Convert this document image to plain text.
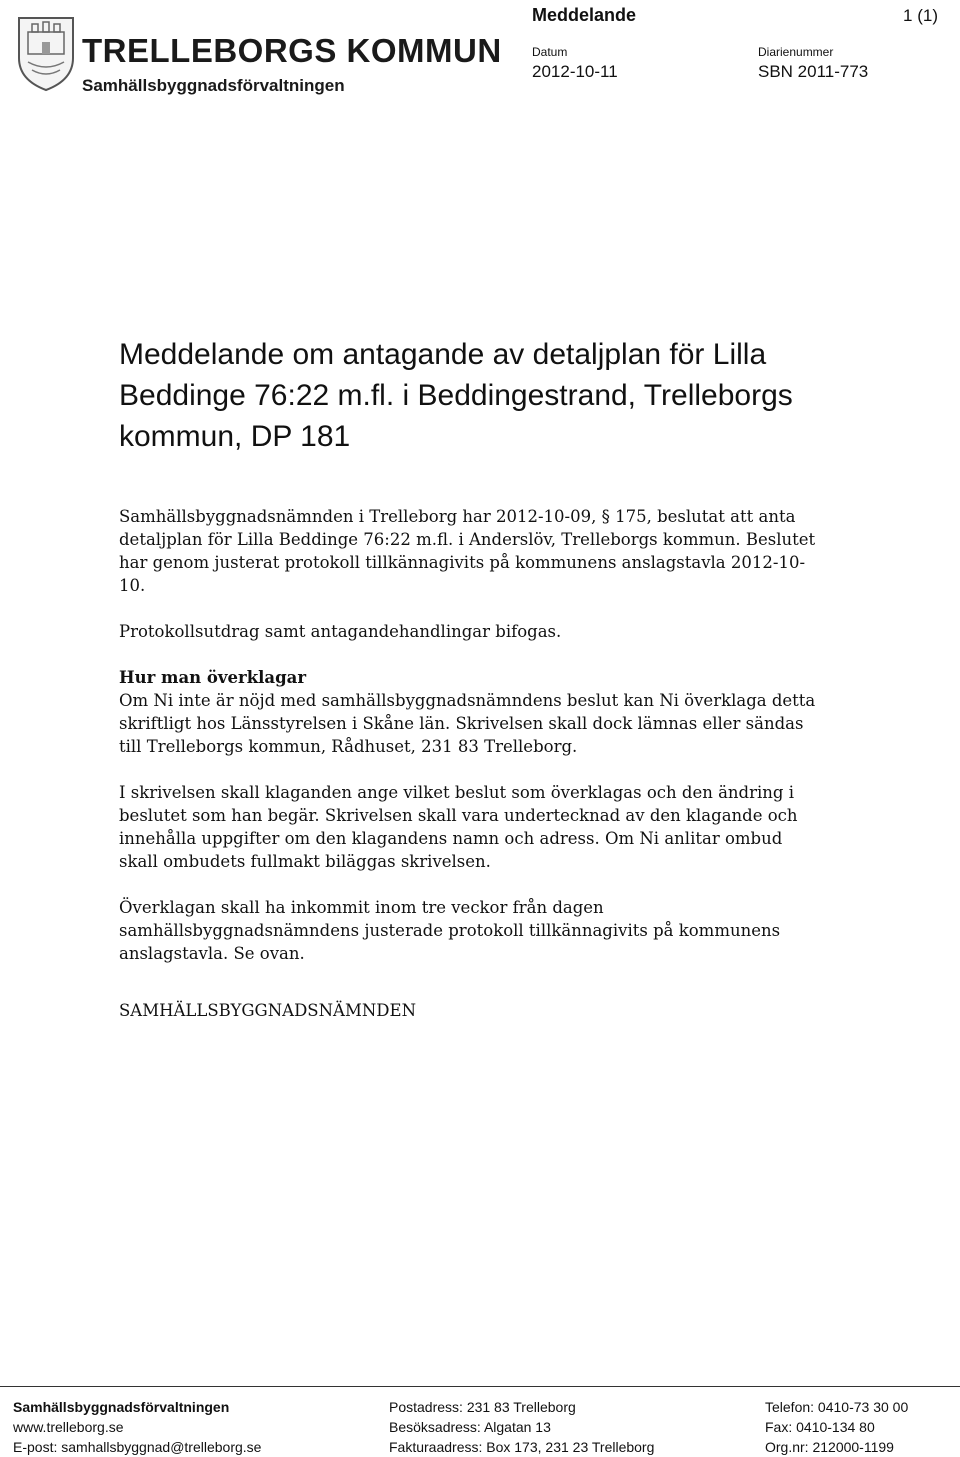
TRELLEBORGS KOMMUN
Samhällsbyggnadsförvaltningen
Meddelande	1 (1)
Datum
2012-10-11
Diarienummer
SBN 2011-773
Meddelande om antagande av detaljplan för Lilla Beddinge 76:22 m.fl. i Beddingestrand, Trelleborgs kommun, DP 181

Samhällsbyggnadsnämnden i Trelleborg har 2012-10-09, § 175, beslutat att anta detaljplan för Lilla Beddinge 76:22 m.fl. i Anderslöv, Trelleborgs kommun. Beslutet har genom justerat protokoll tillkännagivits på kommunens anslagstavla 2012-10-10.

Protokollsutdrag samt antagandehandlingar bifogas.

Hur man överklagar

Om Ni inte är nöjd med samhällsbyggnadsnämndens beslut kan Ni överklaga detta skriftligt hos Länsstyrelsen i Skåne län. Skrivelsen skall dock lämnas eller sändas till Trelleborgs kommun, Rådhuset, 231 83 Trelleborg.

I skrivelsen skall klaganden ange vilket beslut som överklagas och den ändring i beslutet som han begär. Skrivelsen skall vara undertecknad av den klagande och innehålla uppgifter om den klagandens namn och adress. Om Ni anlitar ombud skall ombudets fullmakt biläggas skrivelsen.

Överklagan skall ha inkommit inom tre veckor från dagen samhällsbyggnadsnämndens justerade protokoll tillkännagivits på kommunens anslagstavla. Se ovan.

SAMHÄLLSBYGGNADSNÄMNDEN

Samhällsbyggnadsförvaltningen
www.trelleborg.se
E-post: samhallsbyggnad@trelleborg.se
Postadress: 231 83 Trelleborg
Besöksadress: Algatan 13
Fakturaadress: Box 173, 231 23 Trelleborg
Telefon: 0410-73 30 00
Fax: 0410-134 80
Org.nr: 212000-1199
